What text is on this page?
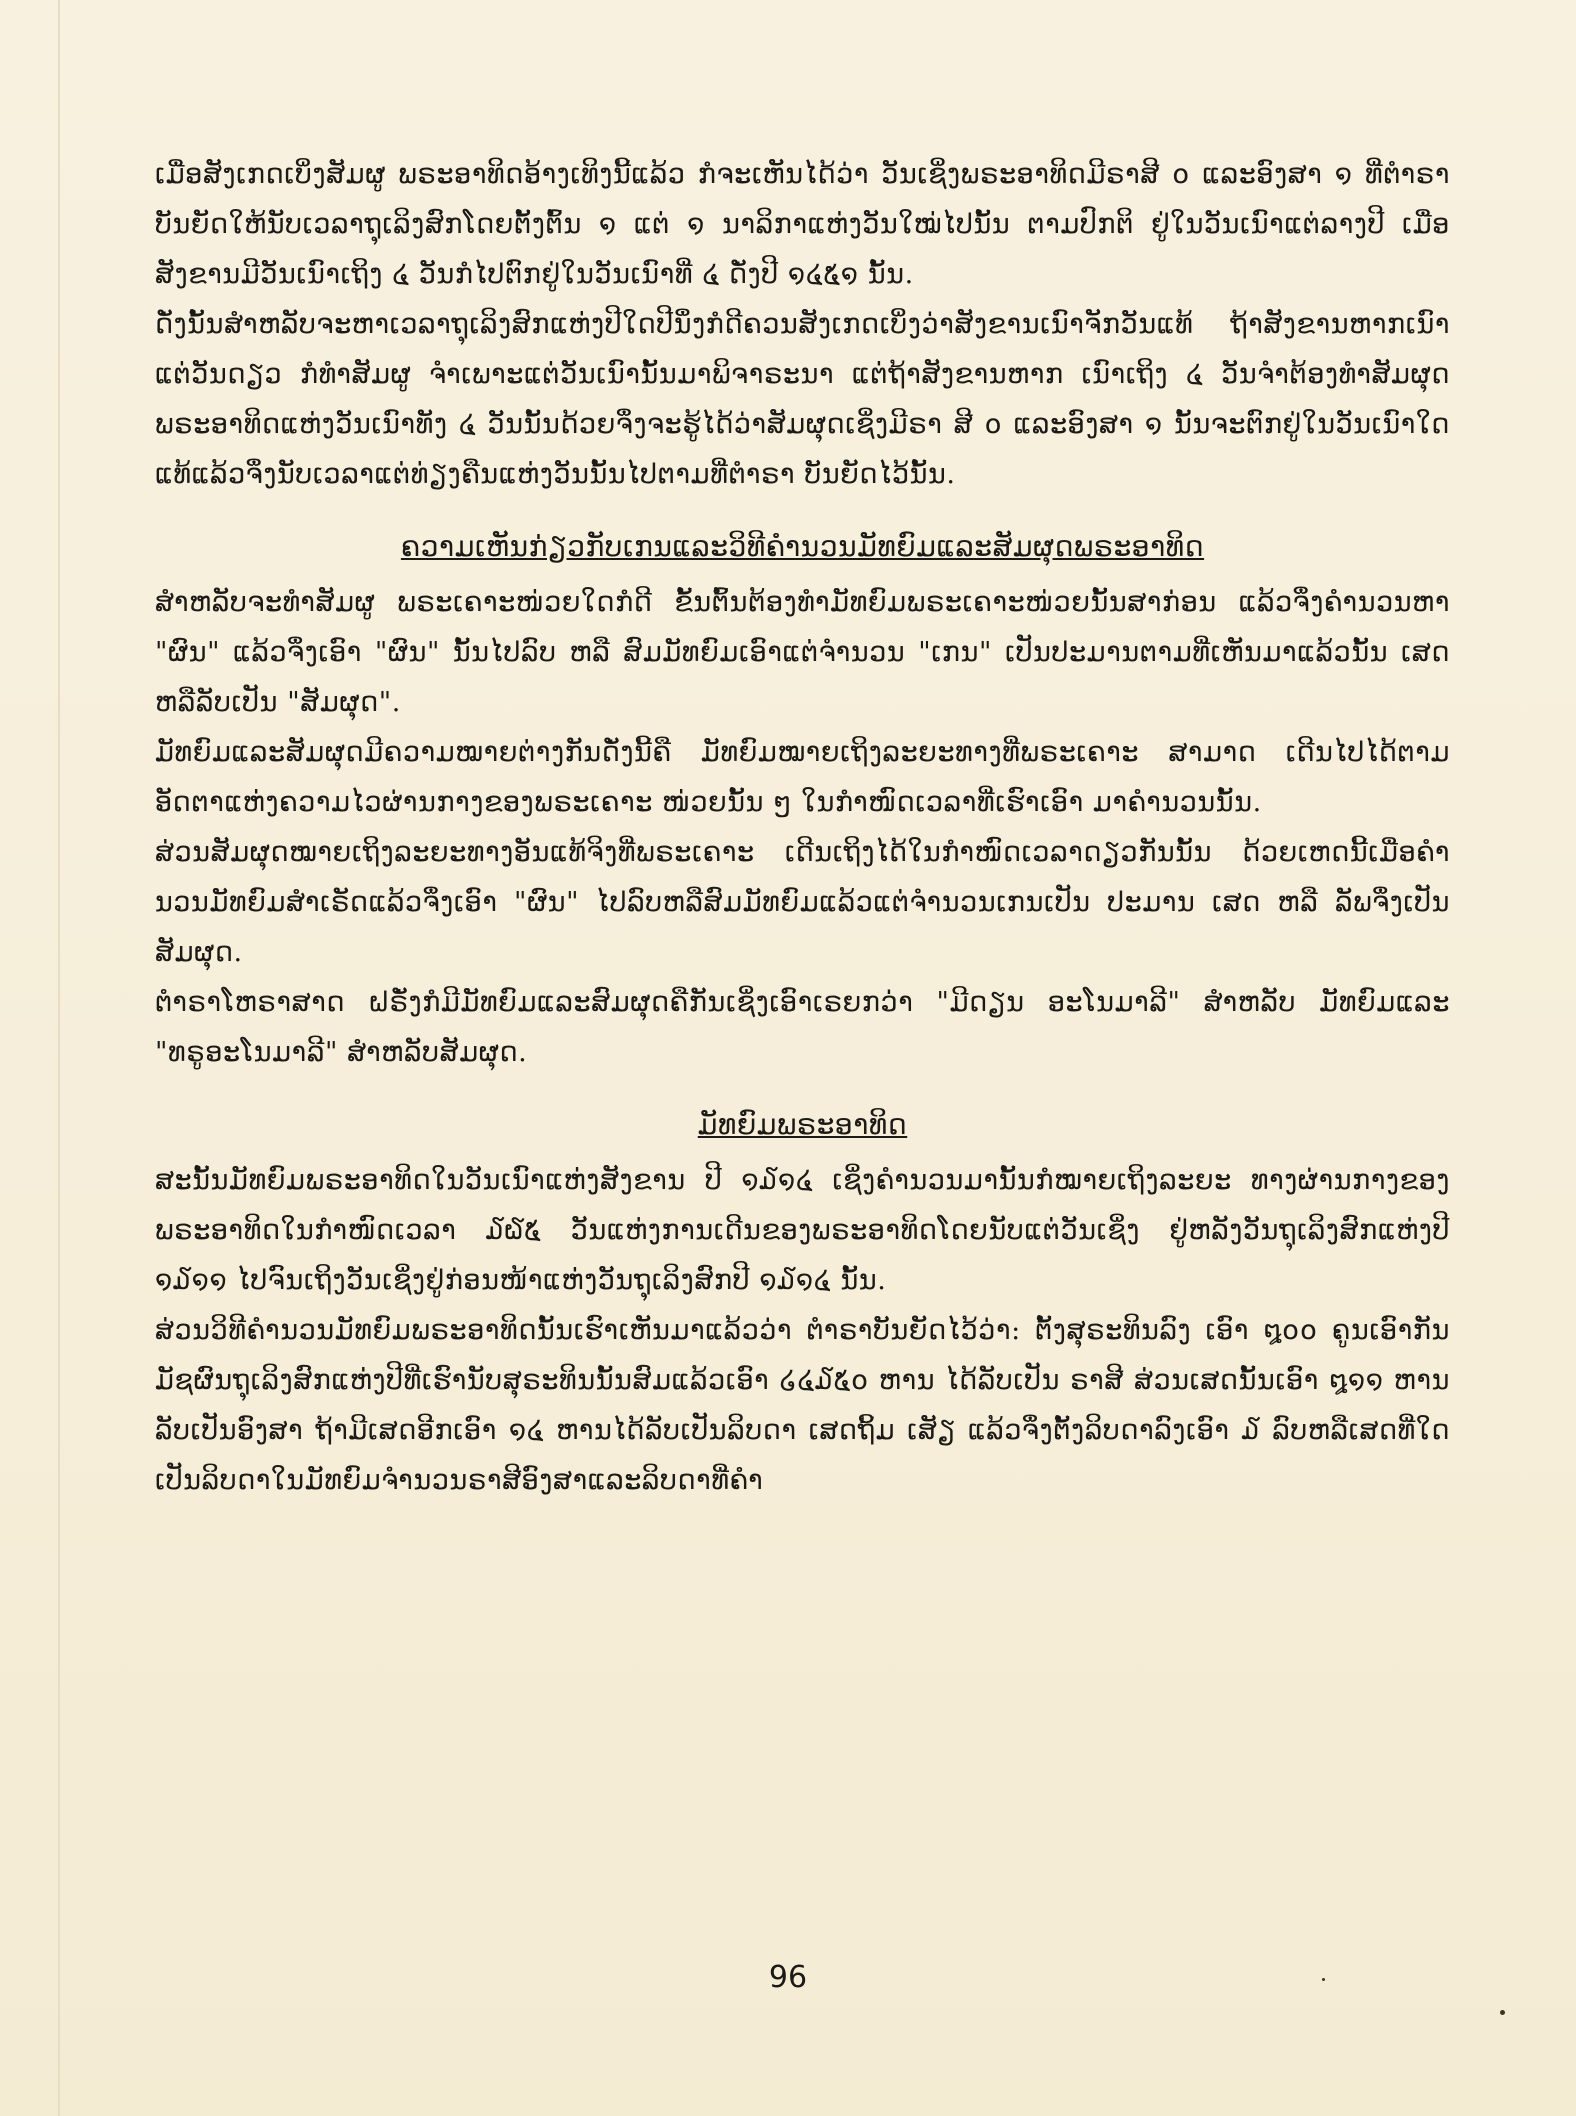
ເມື່ອສັງເກດເບິ່ງສັມຜູ ພຣະອາທິດອ້າງເທິງນີ້ແລ້ວ ກໍຈະເຫັນໄດ້ວ່າ ວັນເຊິ່ງພຣະອາທິດມີຣາສີ ໐ ແລະອົງສາ ໑ ທີ່ຕຳຣາບັນຍັດໃຫ້ນັບເວລາຖຸເລິງສົກໂດຍຕັ້ງຕົ້ນ ໑ ແຕ່ ໑ ນາລິກາແຫ່ງວັນໃໝ່ໄປນັ້ນ ຕາມປົກຕິ ຢູ່ໃນວັນເນົາແຕ່ລາງປີ ເມື່ອສັງຂານມີວັນເນົາເຖິງ ໔ ວັນກໍໄປຕົກຢູ່ໃນວັນເນົາທີ່ ໔ ດັ່ງປີ ໑໔໕໑ ນັ້ນ.

ດັ່ງນັ້ນສຳຫລັບຈະຫາເວລາຖຸເລິງສົກແຫ່ງປີໃດປີນຶ່ງກໍດີຄວນສັງເກດເບິ່ງວ່າສັງຂານເນົາຈັກວັນແທ້ ຖ້າສັງຂານຫາກເນົາແຕ່ວັນດຽວ ກໍທຳສັມຜູ ຈຳເພາະແຕ່ວັນເນົານັ້ນມາພິຈາຣະນາ ແຕ່ຖ້າສັງຂານຫາກ ເນົາເຖິງ ໔ ວັນຈຳຕ້ອງທຳສັມຜຸດພຣະອາທິດແຫ່ງວັນເນົາທັງ ໔ ວັນນັ້ນດ້ວຍຈຶ່ງຈະຮູ້ໄດ້ວ່າສັມຜຸດເຊິ່ງມີຣາ ສີ ໐ ແລະອົງສາ ໑ ນັ້ນຈະຕົກຢູ່ໃນວັນເນົາໃດແທ້ແລ້ວຈຶ່ງນັບເວລາແຕ່ທ່ຽງຄືນແຫ່ງວັນນັ້ນໄປຕາມທີ່ຕຳຣາ ບັນຍັດໄວ້ນັ້ນ.

ຄວາມເຫັນກ່ຽວກັບເກນແລະວິທີຄຳນວນມັທຍົມແລະສັມຜຸດພຣະອາທິດ

ສຳຫລັບຈະທຳສັມຜູ ພຣະເຄາະໜ່ວຍໃດກໍດີ ຂັ້ນຕົ້ນຕ້ອງທຳມັທຍົມພຣະເຄາະໜ່ວຍນັ້ນສາກ່ອນ ແລ້ວຈຶ່ງຄຳນວນຫາ "ຜົນ" ແລ້ວຈຶ່ງເອົາ "ຜົນ" ນັ້ນໄປລົບ ຫລື ສົມມັທຍົມເອົາແຕ່ຈຳນວນ "ເກນ" ເປັນປະມານຕາມທີ່ເຫັນມາແລ້ວນັ້ນ ເສດຫລືລັບເປັນ "ສັມຜຸດ".

ມັທຍົມແລະສັມຜຸດມີຄວາມໝາຍຕ່າງກັນດັ່ງນີ້ຄື ມັທຍົມໝາຍເຖິງລະຍະທາງທີ່ພຣະເຄາະ ສາມາດ ເດີນໄປໄດ້ຕາມອັດຕາແຫ່ງຄວາມໄວຜ່ານກາງຂອງພຣະເຄາະ ໜ່ວຍນັ້ນ ໆ ໃນກຳໜົດເວລາທີ່ເຮົາເອົາ ມາຄຳນວນນັ້ນ.

ສ່ວນສັມຜຸດໝາຍເຖິງລະຍະທາງອັນແທ້ຈິງທີ່ພຣະເຄາະ ເດີນເຖິງໄດ້ໃນກຳໜົດເວລາດຽວກັນນັ້ນ ດ້ວຍເຫດນີ້ເມື່ອຄຳນວນມັທຍົມສຳເຣັດແລ້ວຈຶ່ງເອົາ "ຜົນ" ໄປລົບຫລືສົມມັທຍົມແລ້ວແຕ່ຈຳນວນເກນເປັນ ປະມານ ເສດ ຫລື ລັພຈຶ່ງເປັນສັມຜຸດ.

ຕຳຣາໂຫຣາສາດ ຝຣັ່ງກໍມີມັທຍົມແລະສົມຜຸດຄືກັນເຊິ່ງເອົາເຣຍກວ່າ "ມີດຽນ ອະໂນມາລີ" ສຳຫລັບ ມັທຍົມແລະ "ທຣູອະໂນມາລີ" ສຳຫລັບສັມຜຸດ.

ມັທຍົມພຣະອາທິດ

ສະນັ້ນມັທຍົມພຣະອາທິດໃນວັນເນົາແຫ່ງສັງຂານ ປີ ໑໓໑໔ ເຊິ່ງຄຳນວນມານັ້ນກໍໝາຍເຖິງລະຍະ ທາງຜ່ານກາງຂອງພຣະອາທິດໃນກຳໜົດເວລາ ໓໖໕ ວັນແຫ່ງການເດີນຂອງພຣະອາທິດໂດຍນັບແຕ່ວັນເຊິ່ງ ຢູ່ຫລັງວັນຖຸເລິງສົກແຫ່ງປີ ໑໓໑໑ ໄປຈົນເຖິງວັນເຊິ່ງຢູ່ກ່ອນໜ້າແຫ່ງວັນຖຸເລິງສົກປີ ໑໓໑໔ ນັ້ນ.

ສ່ວນວິທີຄຳນວນມັທຍົມພຣະອາທິດນັ້ນເຮົາເຫັນມາແລ້ວວ່າ ຕຳຣາບັນຍັດໄວ້ວ່າ: ຕັ້ງສຸຣະທິນລົງ ເອົາ ໘໐໐ ຄູນເອົາກັນມັຊຜົນຖຸເລິງສົກແຫ່ງປີທີ່ເຮົານັບສຸຣະທິນນັ້ນສົມແລ້ວເອົາ ໒໔໓໕໐ ຫານ ໄດ້ລັບເປັນ ຣາສີ ສ່ວນເສດນັ້ນເອົາ ໘໑໑ ຫານລັບເປັນອົງສາ ຖ້າມີເສດອີກເອົາ ໑໔ ຫານໄດ້ລັບເປັນລິບດາ ເສດຖິ້ມ ເສັຽ ແລ້ວຈຶ່ງຕັ້ງລິບດາລົງເອົາ ໓ ລົບຫລືເສດທີ່ໃດເປັນລິບດາໃນມັທຍົມຈຳນວນຣາສີອົງສາແລະລິບດາທີ່ຄຳ

96
